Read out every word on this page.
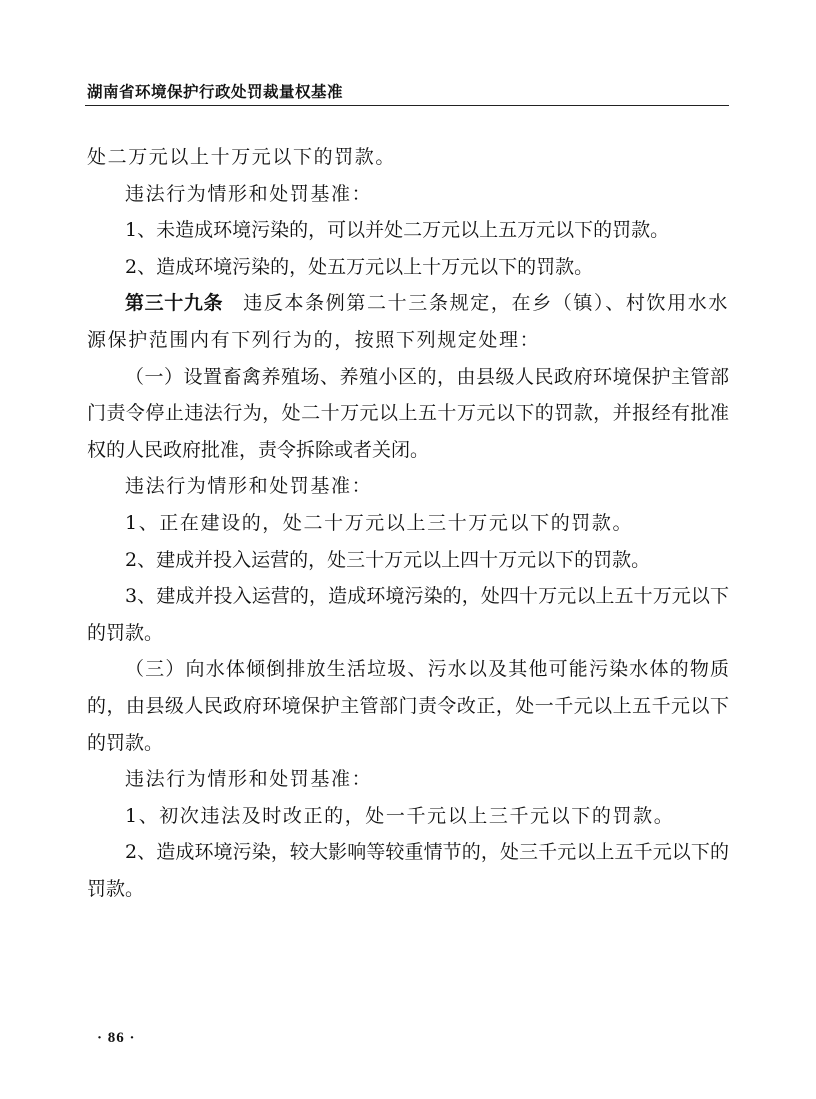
湖南省环境保护行政处罚裁量权基准

处二万元以上十万元以下的罚款。

违法行为情形和处罚基准：

1、未造成环境污染的，可以并处二万元以上五万元以下的罚款。

2、造成环境污染的，处五万元以上十万元以下的罚款。

第三十九条 违反本条例第二十三条规定，在乡（镇）、村饮用水水源保护范围内有下列行为的，按照下列规定处理：

（一）设置畜禽养殖场、养殖小区的，由县级人民政府环境保护主管部门责令停止违法行为，处二十万元以上五十万元以下的罚款，并报经有批准权的人民政府批准，责令拆除或者关闭。

违法行为情形和处罚基准：

1、正在建设的，处二十万元以上三十万元以下的罚款。

2、建成并投入运营的，处三十万元以上四十万元以下的罚款。

3、建成并投入运营的，造成环境污染的，处四十万元以上五十万元以下的罚款。

（三）向水体倾倒排放生活垃圾、污水以及其他可能污染水体的物质的，由县级人民政府环境保护主管部门责令改正，处一千元以上五千元以下的罚款。

违法行为情形和处罚基准：

1、初次违法及时改正的，处一千元以上三千元以下的罚款。

2、造成环境污染，较大影响等较重情节的，处三千元以上五千元以下的罚款。

· 86 ·
